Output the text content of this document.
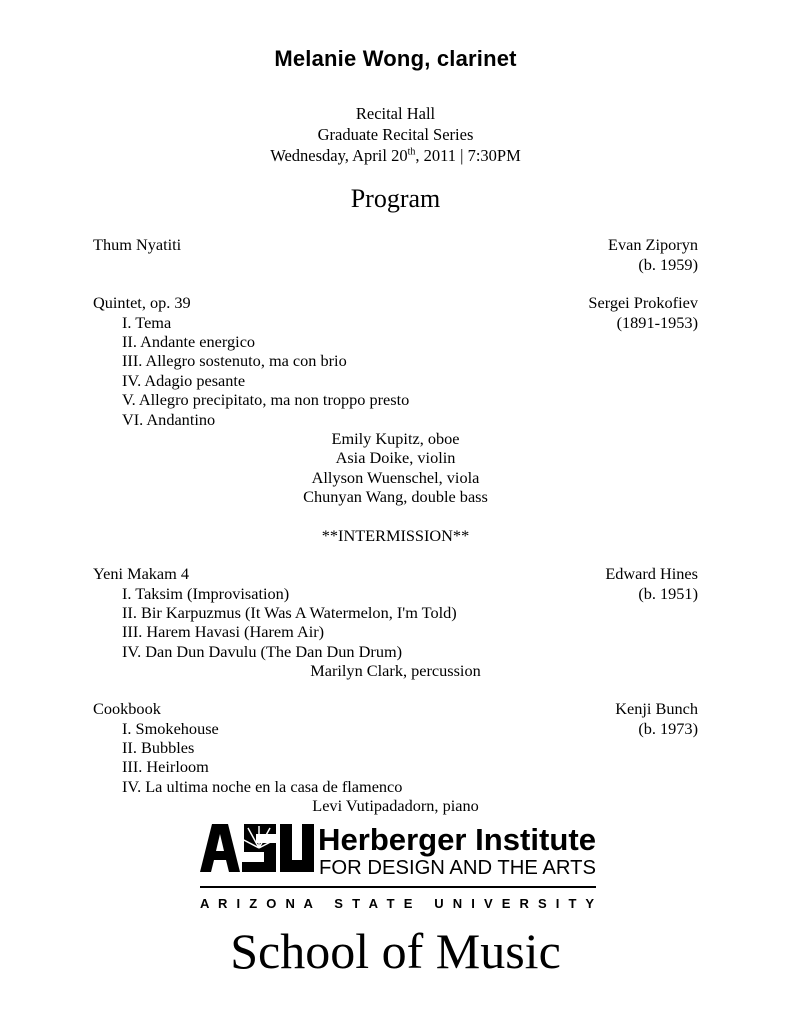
Melanie Wong, clarinet
Recital Hall
Graduate Recital Series
Wednesday, April 20th, 2011 | 7:30PM
Program
Thum Nyatiti	Evan Ziporyn
(b. 1959)
Quintet, op. 39	Sergei Prokofiev
(1891-1953)
I. Tema
II. Andante energico
III. Allegro sostenuto, ma con brio
IV. Adagio pesante
V. Allegro precipitato, ma non troppo presto
VI. Andantino
Emily Kupitz, oboe
Asia Doike, violin
Allyson Wuenschel, viola
Chunyan Wang, double bass
**INTERMISSION**
Yeni Makam 4	Edward Hines
(b. 1951)
I. Taksim (Improvisation)
II. Bir Karpuzmus (It Was A Watermelon, I'm Told)
III. Harem Havasi (Harem Air)
IV. Dan Dun Davulu (The Dan Dun Drum)
Marilyn Clark, percussion
Cookbook	Kenji Bunch
(b. 1973)
I. Smokehouse
II. Bubbles
III. Heirloom
IV. La ultima noche en la casa de flamenco
Levi Vutipadadorn, piano
Herberger Institute
FOR DESIGN AND THE ARTS
A R I Z O N A   S T A T E   U N I V E R S I T Y
School of Music
